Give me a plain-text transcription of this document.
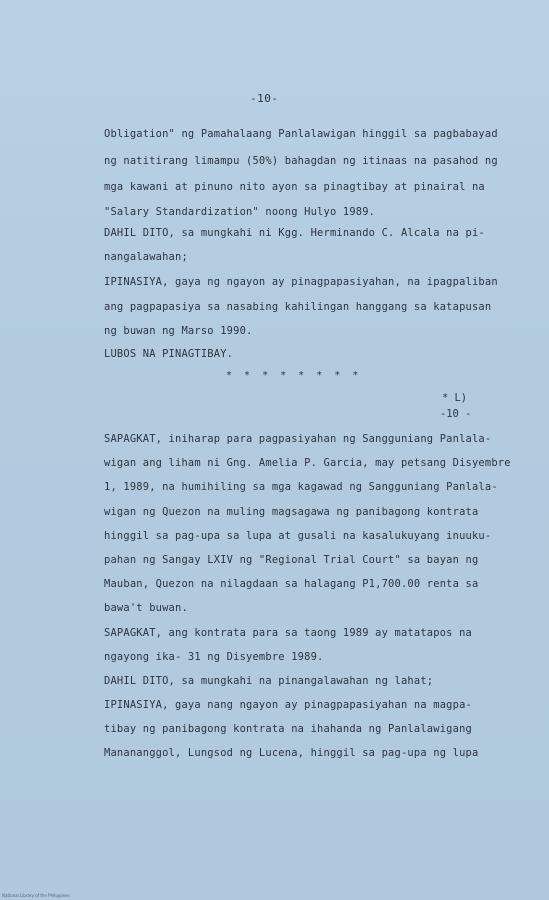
-10-
Obligation" ng Pamahalaang Panlalawigan hinggil sa pagbabayad
ng natitirang limampu (50%) bahagdan ng itinaas na pasahod ng
mga kawani at pinuno nito ayon sa pinagtibay at pinairal na
"Salary Standardization" noong Hulyo 1989.
DAHIL DITO, sa mungkahi ni Kgg. Herminando C. Alcala na pi-
nangalawahan;
IPINASIYA, gaya ng ngayon ay pinagpapasiyahan, na ipagpaliban
ang pagpapasiya sa nasabing kahilingan hanggang sa katapusan
ng buwan ng Marso 1990.
LUBOS NA PINAGTIBAY.
* * * * * * * *
* L)
-10 -
SAPAGKAT, iniharap para pagpasiyahan ng Sangguniang Panlala-
wigan ang liham ni Gng. Amelia P. Garcia, may petsang Disyembre
1, 1989, na humihiling sa mga kagawad ng Sangguniang Panlala-
wigan ng Quezon na muling magsagawa ng panibagong kontrata
hinggil sa pag-upa sa lupa at gusali na kasalukuyang inuuku-
pahan ng Sangay LXIV ng "Regional Trial Court" sa bayan ng
Mauban, Quezon na nilagdaan sa halagang P1,700.00 renta sa
bawa't buwan.
SAPAGKAT, ang kontrata para sa taong 1989 ay matatapos na
ngayong ika- 31 ng Disyembre 1989.
DAHIL DITO, sa mungkahi na pinangalawahan ng lahat;
IPINASIYA, gaya nang ngayon ay pinagpapasiyahan na magpa-
tibay ng panibagong kontrata na ihahanda ng Panlalawigang
Manananggol, Lungsod ng Lucena, hinggil sa pag-upa ng lupa
National Library of the Philippines
